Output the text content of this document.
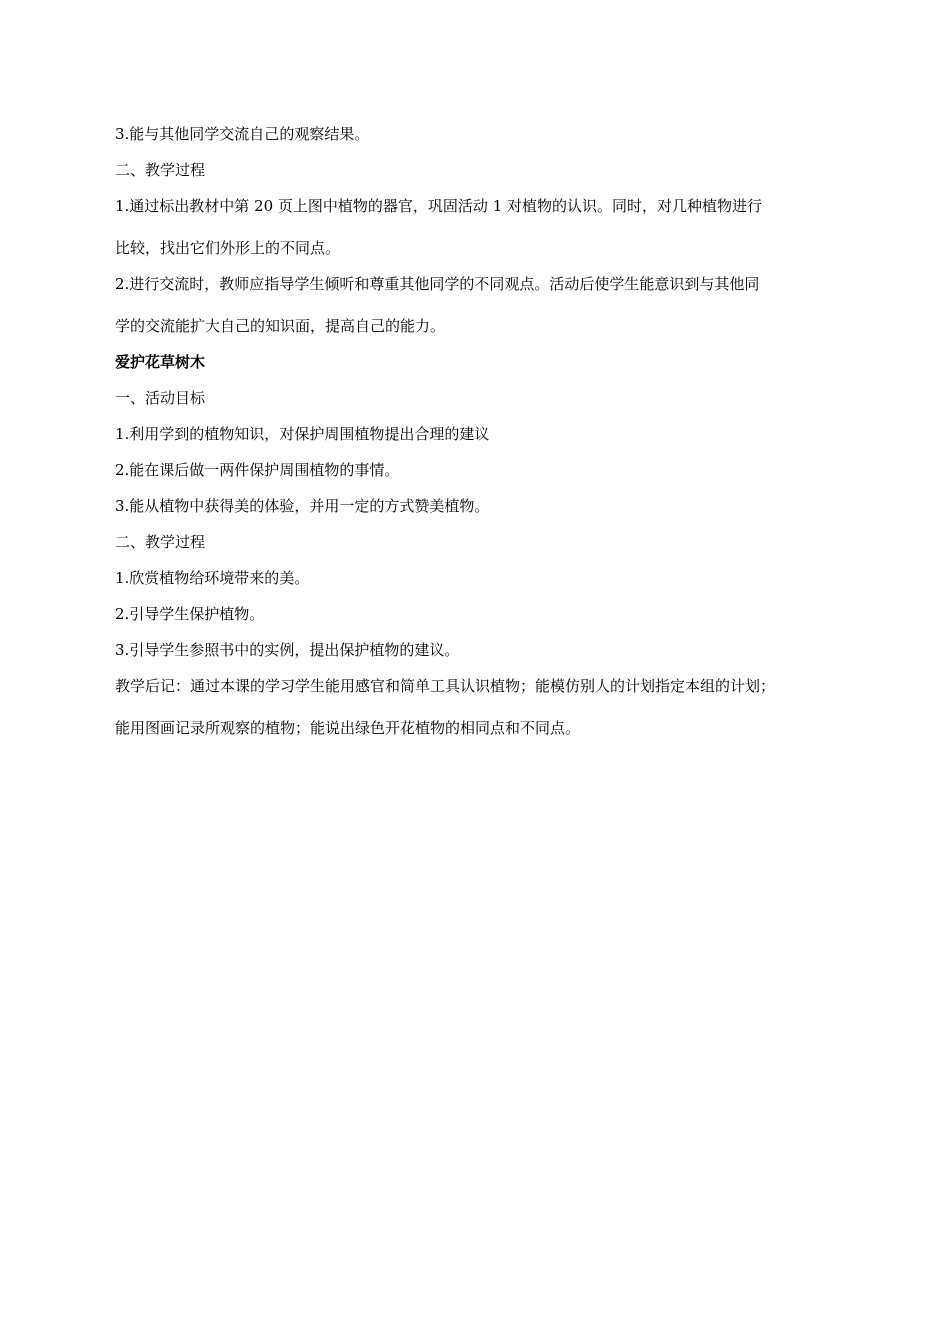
3.能与其他同学交流自己的观察结果。

二、教学过程

1.通过标出教材中第 20 页上图中植物的器官，巩固活动 1 对植物的认识。同时，对几种植物进行

比较，找出它们外形上的不同点。

2.进行交流时，教师应指导学生倾听和尊重其他同学的不同观点。活动后使学生能意识到与其他同

学的交流能扩大自己的知识面，提高自己的能力。

爱护花草树木

一、活动目标

1.利用学到的植物知识，对保护周围植物提出合理的建议

2.能在课后做一两件保护周围植物的事情。

3.能从植物中获得美的体验，并用一定的方式赞美植物。

二、教学过程

1.欣赏植物给环境带来的美。

2.引导学生保护植物。

3.引导学生参照书中的实例，提出保护植物的建议。

教学后记：通过本课的学习学生能用感官和简单工具认识植物；能模仿别人的计划指定本组的计划；

能用图画记录所观察的植物；能说出绿色开花植物的相同点和不同点。
